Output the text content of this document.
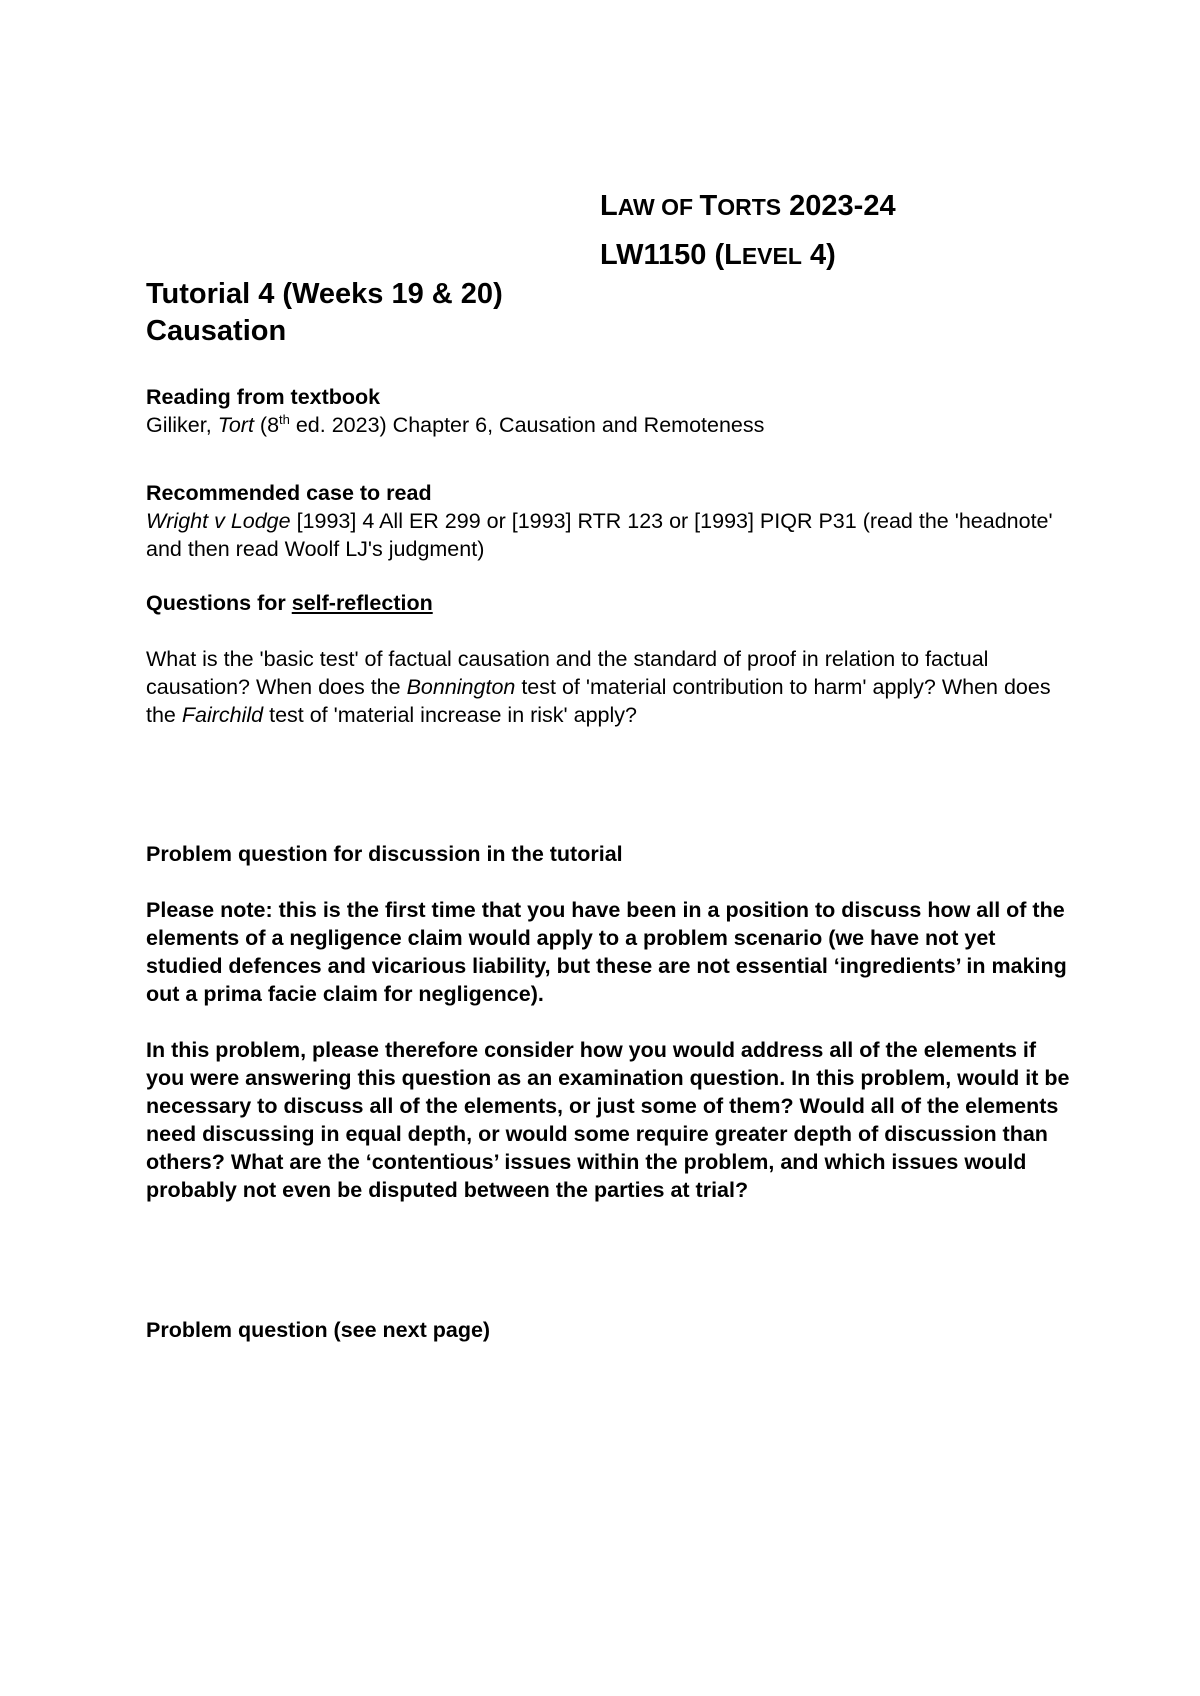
LAW OF TORTS 2023-24
LW1150 (LEVEL 4)
Tutorial 4 (Weeks 19 & 20)
Causation
Reading from textbook
Giliker, Tort (8th ed. 2023) Chapter 6, Causation and Remoteness
Recommended case to read
Wright v Lodge [1993] 4 All ER 299 or [1993] RTR 123 or [1993] PIQR P31 (read the 'headnote' and then read Woolf LJ's judgment)
Questions for self-reflection
What is the 'basic test' of factual causation and the standard of proof in relation to factual causation? When does the Bonnington test of 'material contribution to harm' apply? When does the Fairchild test of 'material increase in risk' apply?
Problem question for discussion in the tutorial
Please note: this is the first time that you have been in a position to discuss how all of the elements of a negligence claim would apply to a problem scenario (we have not yet studied defences and vicarious liability, but these are not essential ‘ingredients’ in making out a prima facie claim for negligence).
In this problem, please therefore consider how you would address all of the elements if you were answering this question as an examination question. In this problem, would it be necessary to discuss all of the elements, or just some of them? Would all of the elements need discussing in equal depth, or would some require greater depth of discussion than others? What are the ‘contentious’ issues within the problem, and which issues would probably not even be disputed between the parties at trial?
Problem question (see next page)
